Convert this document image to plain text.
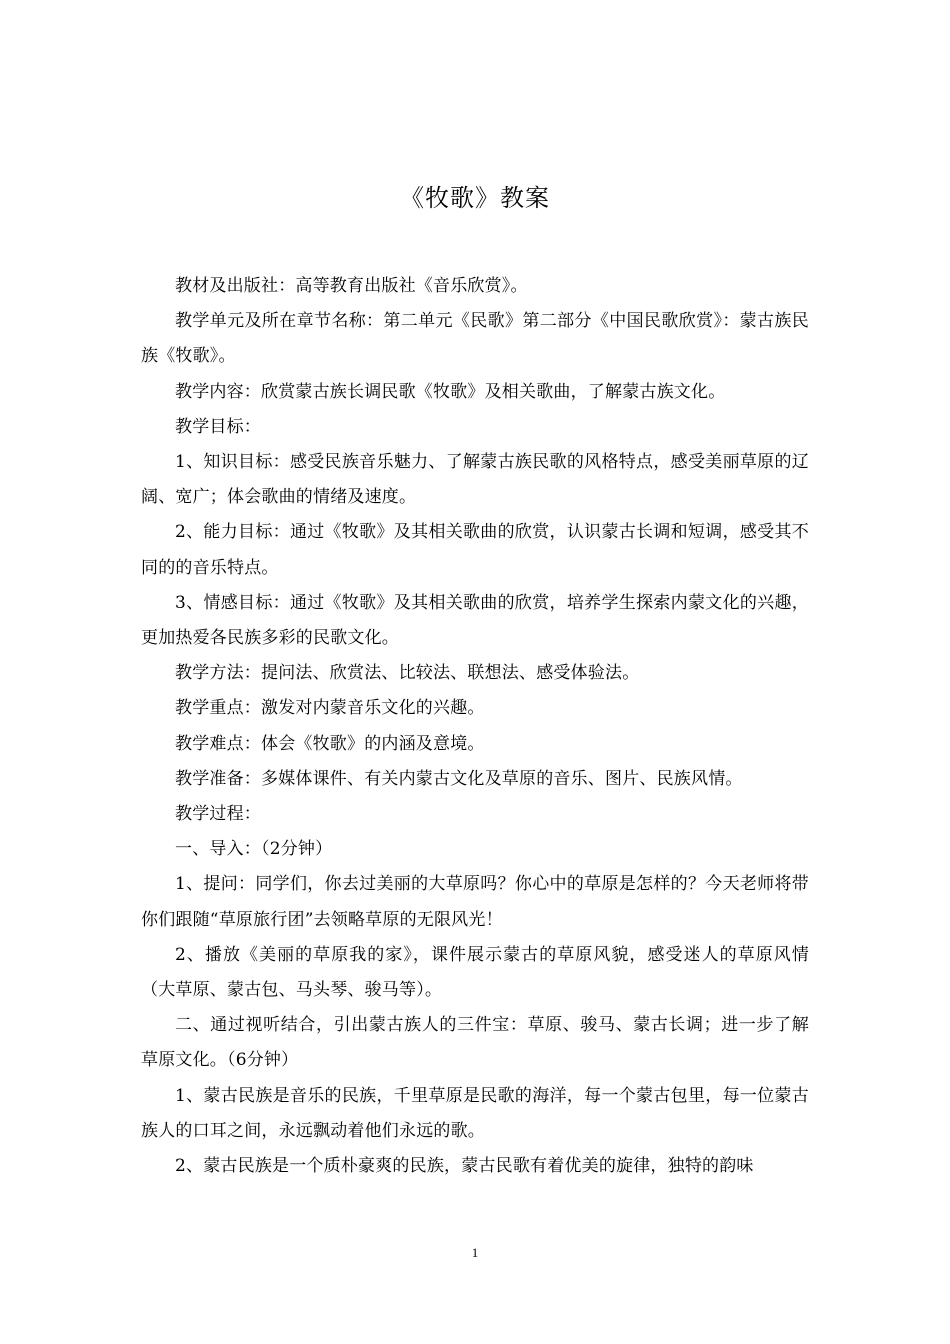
《牧歌》教案

教材及出版社：高等教育出版社《音乐欣赏》。

教学单元及所在章节名称：第二单元《民歌》第二部分《中国民歌欣赏》：蒙古族民族《牧歌》。

教学内容：欣赏蒙古族长调民歌《牧歌》及相关歌曲，了解蒙古族文化。

教学目标：

1、知识目标：感受民族音乐魅力、了解蒙古族民歌的风格特点，感受美丽草原的辽阔、宽广；体会歌曲的情绪及速度。

2、能力目标：通过《牧歌》及其相关歌曲的欣赏，认识蒙古长调和短调，感受其不同的的音乐特点。

3、情感目标：通过《牧歌》及其相关歌曲的欣赏，培养学生探索内蒙文化的兴趣，更加热爱各民族多彩的民歌文化。

教学方法：提问法、欣赏法、比较法、联想法、感受体验法。

教学重点：激发对内蒙音乐文化的兴趣。

教学难点：体会《牧歌》的内涵及意境。

教学准备：多媒体课件、有关内蒙古文化及草原的音乐、图片、民族风情。

教学过程：

一、导入：（2分钟）

1、提问：同学们，你去过美丽的大草原吗？你心中的草原是怎样的？今天老师将带你们跟随“草原旅行团”去领略草原的无限风光！

2、播放《美丽的草原我的家》，课件展示蒙古的草原风貌，感受迷人的草原风情（大草原、蒙古包、马头琴、骏马等）。

二、通过视听结合，引出蒙古族人的三件宝：草原、骏马、蒙古长调；进一步了解草原文化。（6分钟）

1、蒙古民族是音乐的民族，千里草原是民歌的海洋，每一个蒙古包里，每一位蒙古族人的口耳之间，永远飘动着他们永远的歌。

2、蒙古民族是一个质朴豪爽的民族，蒙古民歌有着优美的旋律，独特的韵味

1
